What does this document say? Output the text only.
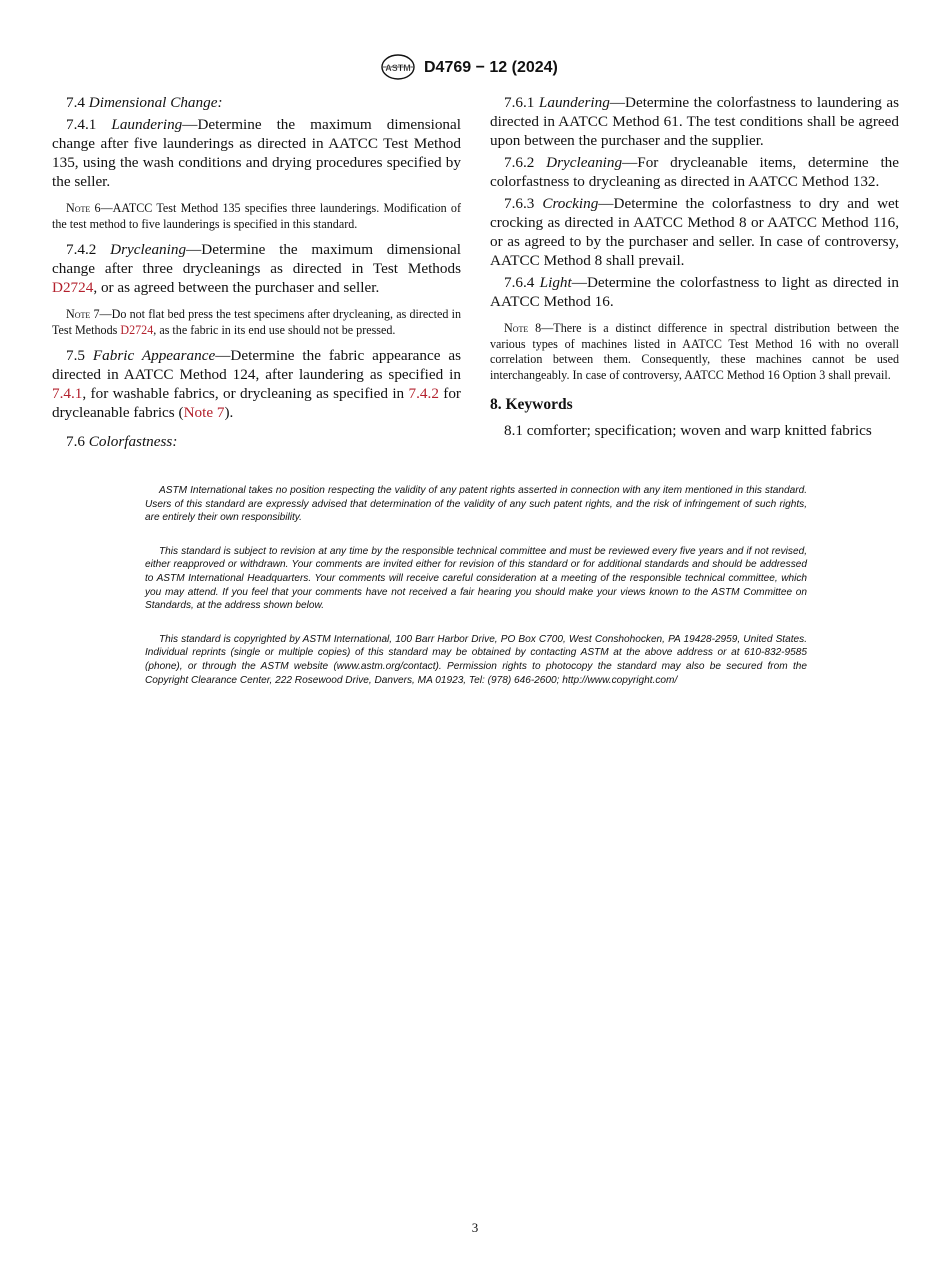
ASTM D4769 − 12 (2024)

7.4 Dimensional Change:

7.4.1 Laundering—Determine the maximum dimensional change after five launderings as directed in AATCC Test Method 135, using the wash conditions and drying procedures specified by the seller.

Note 6—AATCC Test Method 135 specifies three launderings. Modification of the test method to five launderings is specified in this standard.

7.4.2 Drycleaning—Determine the maximum dimensional change after three drycleanings as directed in Test Methods D2724, or as agreed between the purchaser and seller.

Note 7—Do not flat bed press the test specimens after drycleaning, as directed in Test Methods D2724, as the fabric in its end use should not be pressed.

7.5 Fabric Appearance—Determine the fabric appearance as directed in AATCC Method 124, after laundering as specified in 7.4.1, for washable fabrics, or drycleaning as specified in 7.4.2 for drycleanable fabrics (Note 7).

7.6 Colorfastness:

7.6.1 Laundering—Determine the colorfastness to laundering as directed in AATCC Method 61. The test conditions shall be agreed upon between the purchaser and the supplier.

7.6.2 Drycleaning—For drycleanable items, determine the colorfastness to drycleaning as directed in AATCC Method 132.

7.6.3 Crocking—Determine the colorfastness to dry and wet crocking as directed in AATCC Method 8 or AATCC Method 116, or as agreed to by the purchaser and seller. In case of controversy, AATCC Method 8 shall prevail.

7.6.4 Light—Determine the colorfastness to light as directed in AATCC Method 16.

Note 8—There is a distinct difference in spectral distribution between the various types of machines listed in AATCC Test Method 16 with no overall correlation between them. Consequently, these machines cannot be used interchangeably. In case of controversy, AATCC Method 16 Option 3 shall prevail.

8. Keywords

8.1 comforter; specification; woven and warp knitted fabrics

ASTM International takes no position respecting the validity of any patent rights asserted in connection with any item mentioned in this standard. Users of this standard are expressly advised that determination of the validity of any such patent rights, and the risk of infringement of such rights, are entirely their own responsibility.

This standard is subject to revision at any time by the responsible technical committee and must be reviewed every five years and if not revised, either reapproved or withdrawn. Your comments are invited either for revision of this standard or for additional standards and should be addressed to ASTM International Headquarters. Your comments will receive careful consideration at a meeting of the responsible technical committee, which you may attend. If you feel that your comments have not received a fair hearing you should make your views known to the ASTM Committee on Standards, at the address shown below.

This standard is copyrighted by ASTM International, 100 Barr Harbor Drive, PO Box C700, West Conshohocken, PA 19428-2959, United States. Individual reprints (single or multiple copies) of this standard may be obtained by contacting ASTM at the above address or at 610-832-9585 (phone), or through the ASTM website (www.astm.org/contact). Permission rights to photocopy the standard may also be secured from the Copyright Clearance Center, 222 Rosewood Drive, Danvers, MA 01923, Tel: (978) 646-2600; http://www.copyright.com/

3
